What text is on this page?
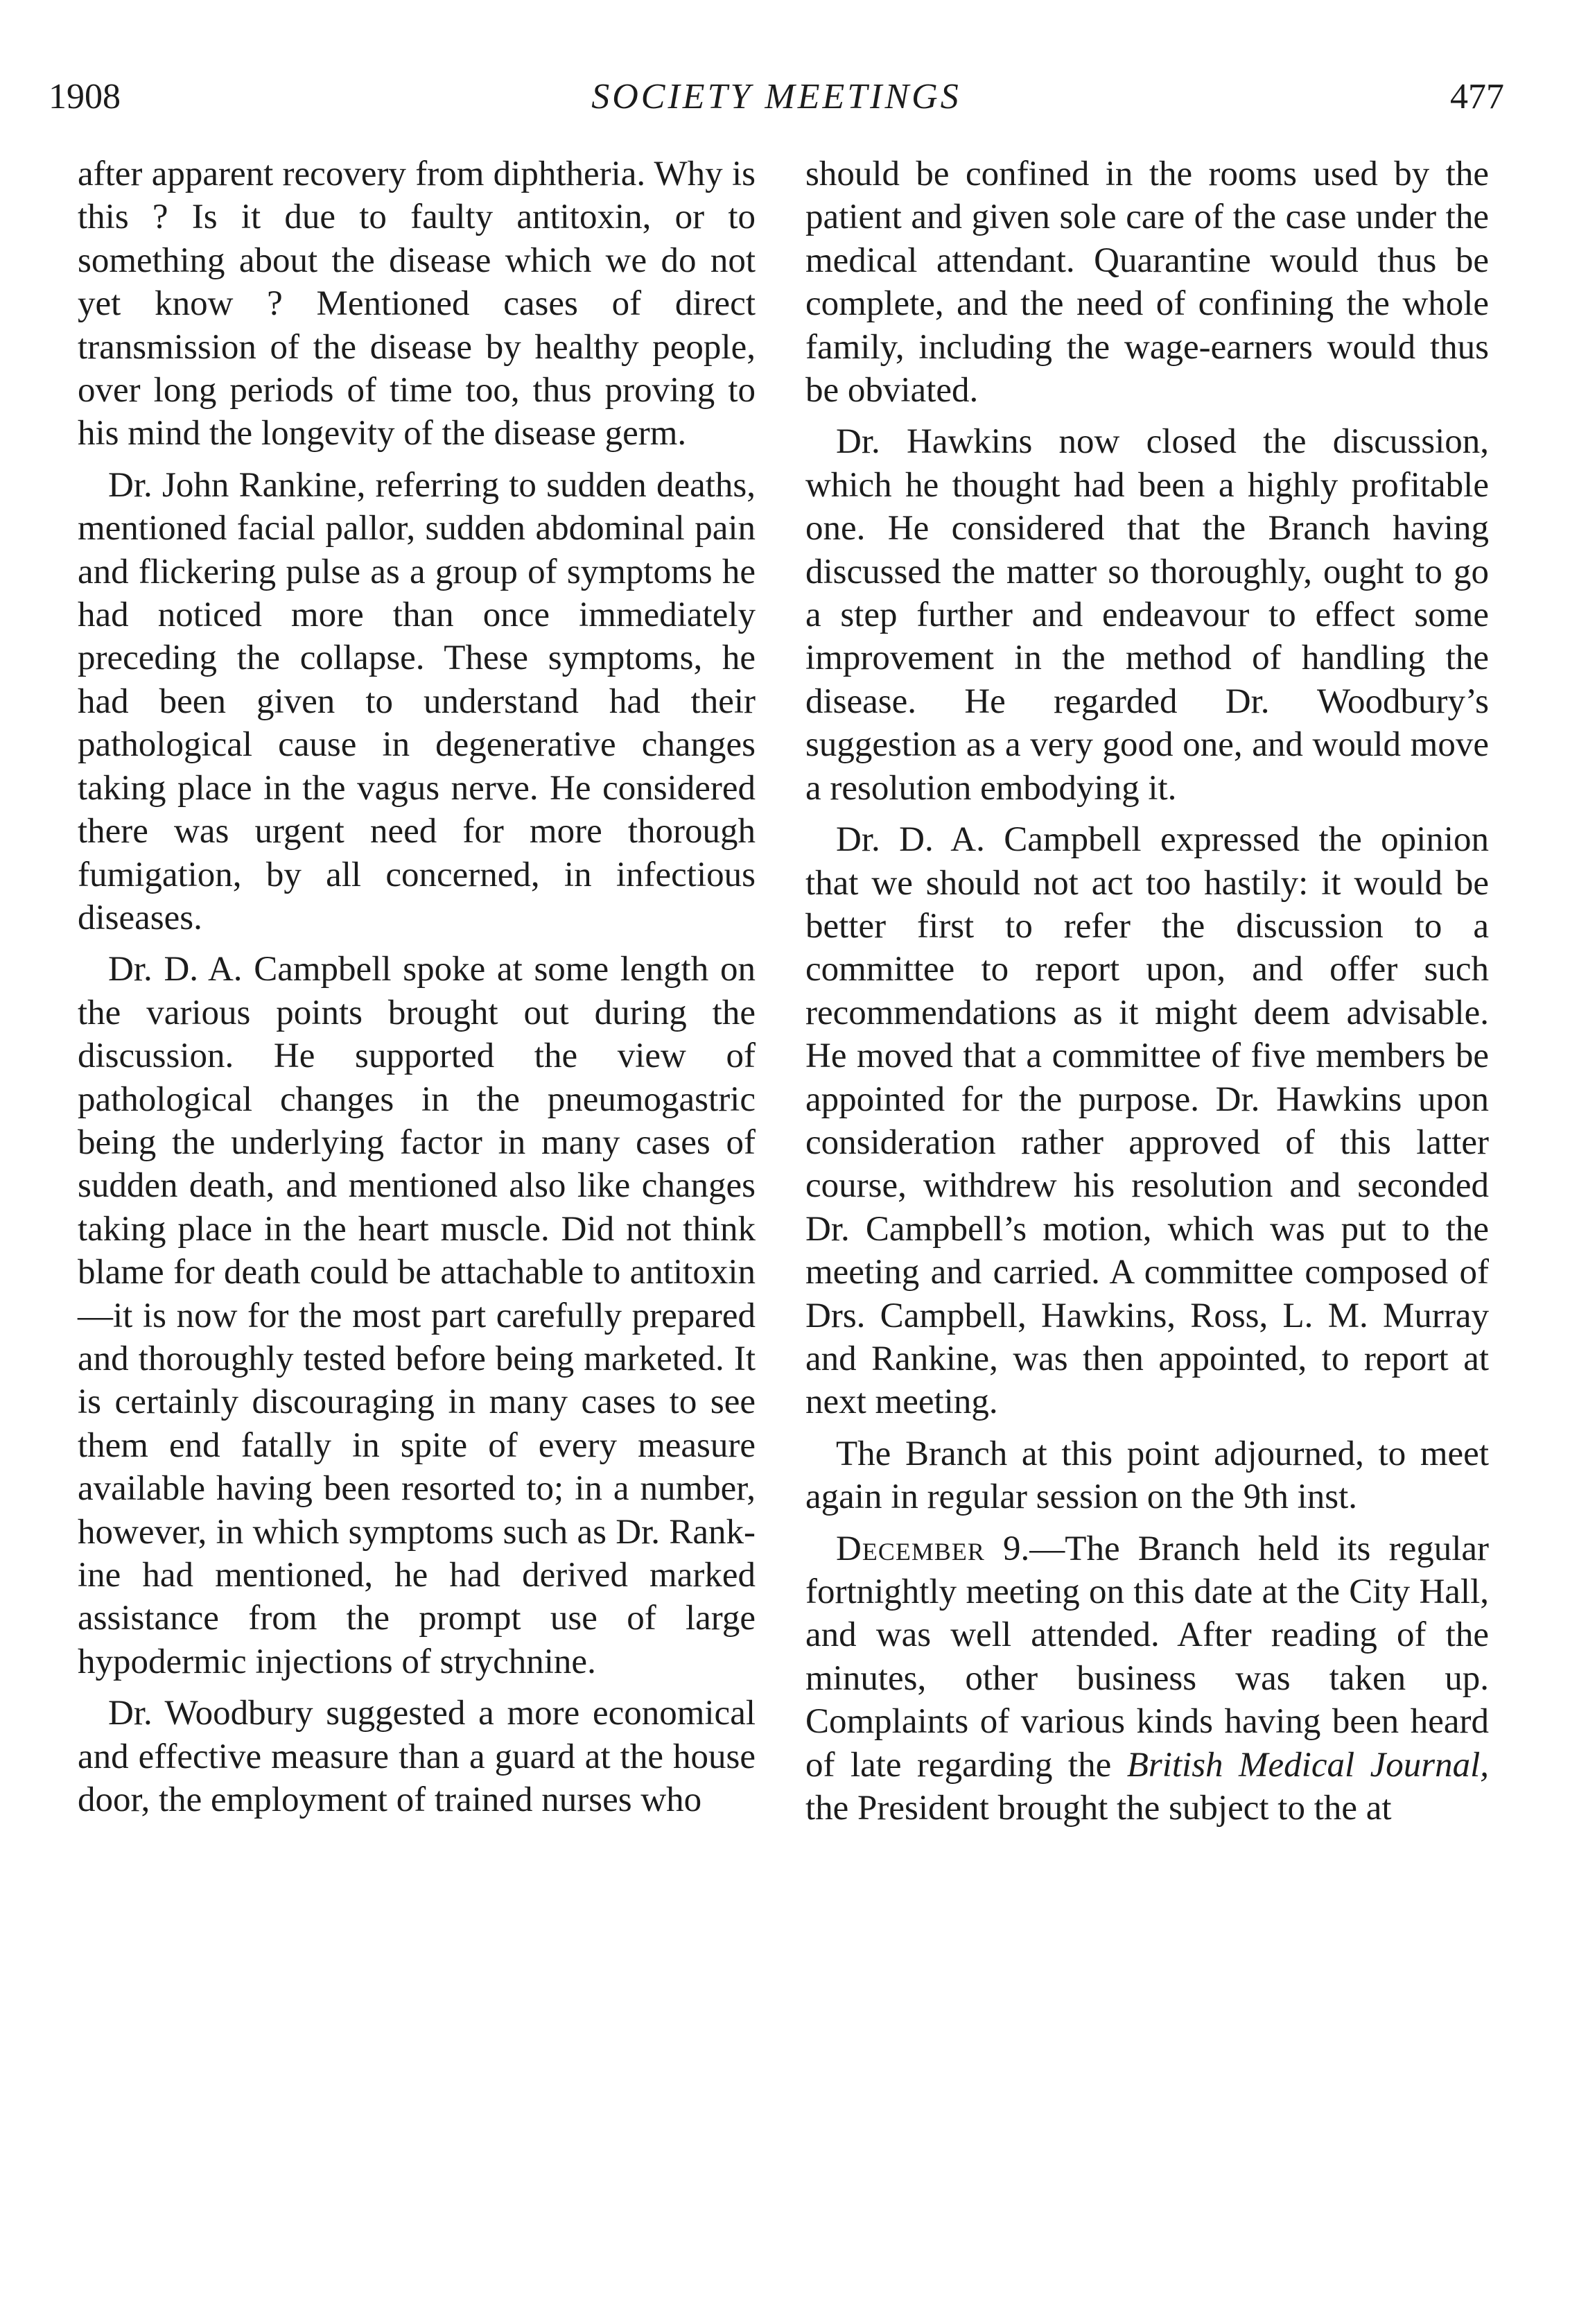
1908	SOCIETY MEETINGS	477

after apparent recovery from diphtheria. Why is this ? Is it due to faulty antitoxin, or to something about the disease which we do not yet know ? Mentioned cases of direct transmission of the disease by healthy people, over long periods of time too, thus proving to his mind the longevity of the disease germ.

Dr. John Rankine, referring to sudden deaths, mentioned facial pallor, sudden abdominal pain and flickering pulse as a group of symptoms he had noticed more than once immediately preceding the collapse. These symptoms, he had been given to understand had their pathological cause in degenerative changes taking place in the vagus nerve. He considered there was urgent need for more thorough fumigation, by all concerned, in infectious diseases.

Dr. D. A. Campbell spoke at some length on the various points brought out during the discussion. He supported the view of pathological changes in the pneumogastric being the underlying factor in many cases of sudden death, and mentioned also like changes taking place in the heart muscle. Did not think blame for death could be attachable to antitoxin—it is now for the most part carefully prepared and thoroughly tested before being marketed. It is certainly discouraging in many cases to see them end fatally in spite of every measure available having been resorted to; in a number, however, in which symptoms such as Dr. Rankine had mentioned, he had derived marked assistance from the prompt use of large hypodermic injections of strychnine.

Dr. Woodbury suggested a more economical and effective measure than a guard at the house door, the employment of trained nurses who

should be confined in the rooms used by the patient and given sole care of the case under the medical attendant. Quarantine would thus be complete, and the need of confining the whole family, including the wage-earners would thus be obviated.

Dr. Hawkins now closed the discussion, which he thought had been a highly profitable one. He considered that the Branch having discussed the matter so thoroughly, ought to go a step further and endeavour to effect some improvement in the method of handling the disease. He regarded Dr. Woodbury’s suggestion as a very good one, and would move a resolution embodying it.

Dr. D. A. Campbell expressed the opinion that we should not act too hastily: it would be better first to refer the discussion to a committee to report upon, and offer such recommendations as it might deem advisable. He moved that a committee of five members be appointed for the purpose. Dr. Hawkins upon consideration rather approved of this latter course, withdrew his resolution and seconded Dr. Campbell’s motion, which was put to the meeting and carried. A committee composed of Drs. Campbell, Hawkins, Ross, L. M. Murray and Rankine, was then appointed, to report at next meeting.

The Branch at this point adjourned, to meet again in regular session on the 9th inst.

December 9.—The Branch held its regular fortnightly meeting on this date at the City Hall, and was well attended. After reading of the minutes, other business was taken up. Complaints of various kinds having been heard of late regarding the British Medical Journal, the President brought the subject to the at
